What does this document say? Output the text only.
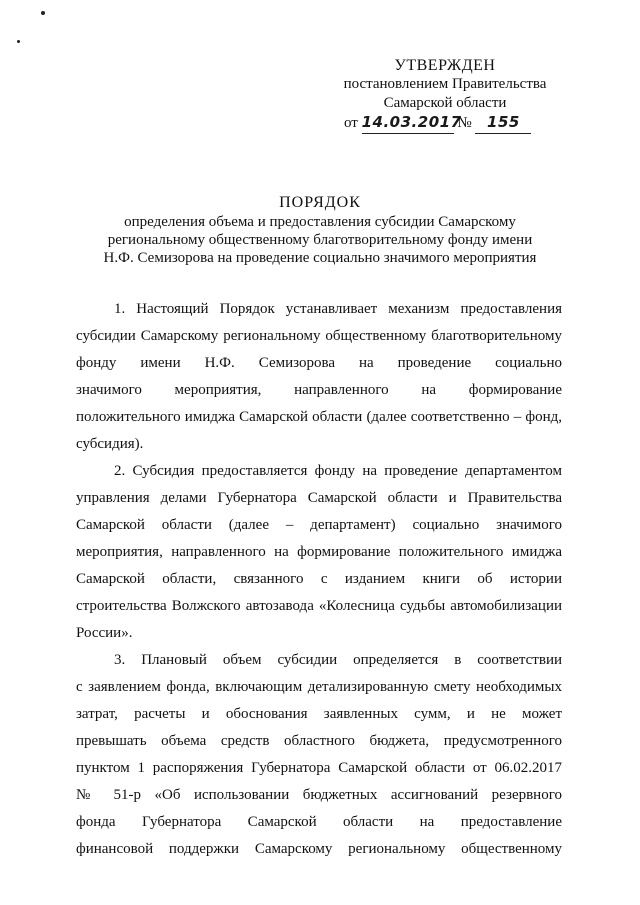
УТВЕРЖДЕН
постановлением Правительства
Самарской области
от 14.03.2017 № 155
ПОРЯДОК
определения объема и предоставления субсидии Самарскому
региональному общественному благотворительному фонду имени
Н.Ф. Семизорова на проведение социально значимого мероприятия
1. Настоящий Порядок устанавливает механизм предоставления
субсидии Самарскому региональному общественному благотворительному
фонду имени Н.Ф. Семизорова на проведение социально
значимого мероприятия, направленного на формирование
положительного имиджа Самарской области (далее соответственно – фонд,
субсидия).
2. Субсидия предоставляется фонду на проведение департаментом
управления делами Губернатора Самарской области и Правительства
Самарской области (далее – департамент) социально значимого
мероприятия, направленного на формирование положительного имиджа
Самарской области, связанного с изданием книги об истории
строительства Волжского автозавода «Колесница судьбы автомобилизации
России».
3. Плановый объем субсидии определяется в соответствии
с заявлением фонда, включающим детализированную смету необходимых
затрат, расчеты и обоснования заявленных сумм, и не может
превышать объема средств областного бюджета, предусмотренного
пунктом 1 распоряжения Губернатора Самарской области от 06.02.2017
№ 51-р «Об использовании бюджетных ассигнований резервного
фонда Губернатора Самарской области на предоставление
финансовой поддержки Самарскому региональному общественному
